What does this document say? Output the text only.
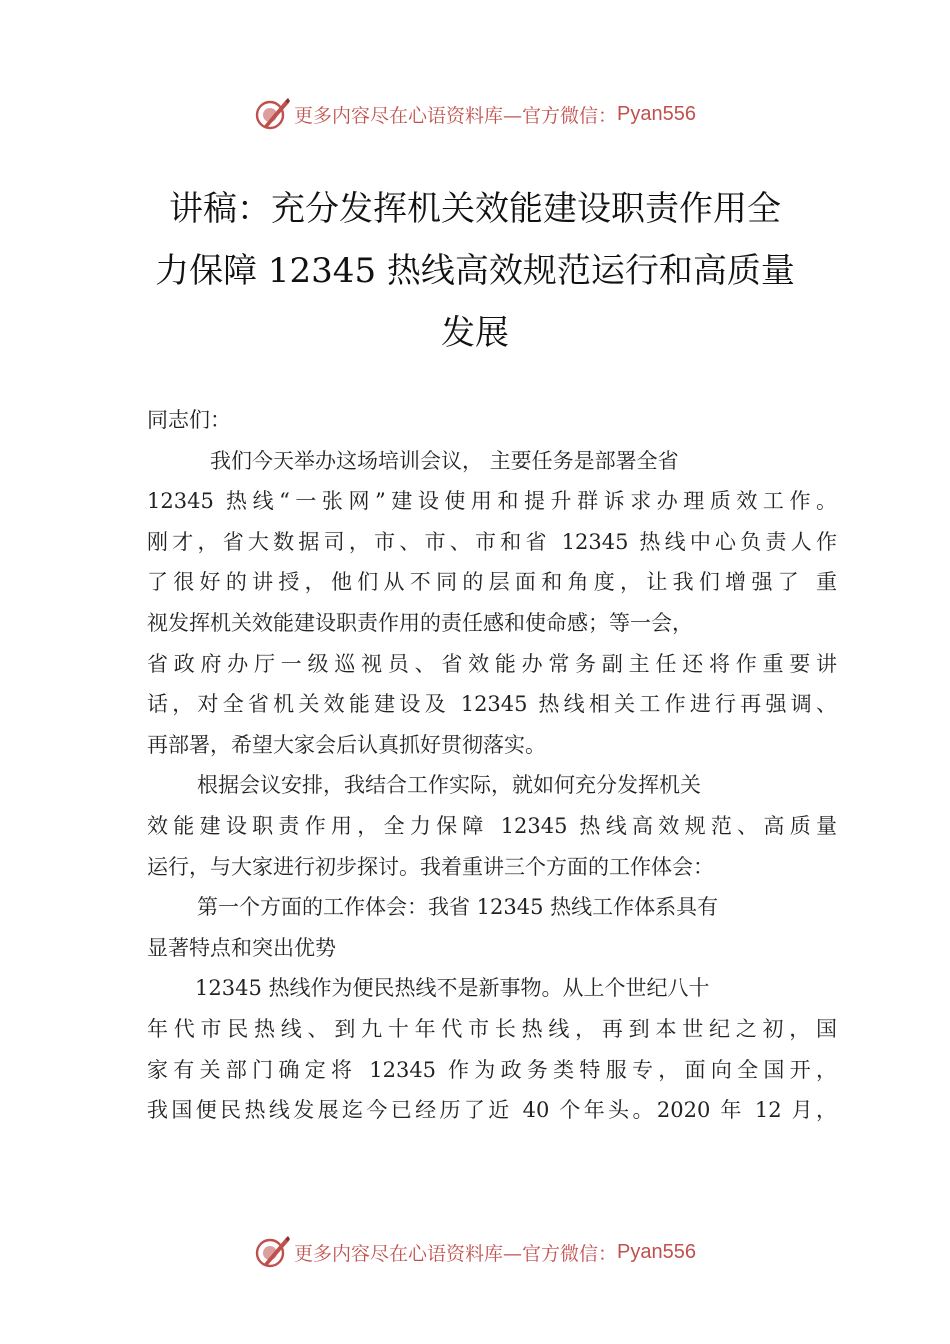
更多内容尽在心语资料库—官方微信： Pyan556
讲稿：充分发挥机关效能建设职责作用全
力保障 12345 热线高效规范运行和高质量
发展
同志们：
我们今天举办这场培训会议， 主要任务是部署全省
12345 热线“一张网”建设使用和提升群诉求办理质效工作。
刚才，省大数据司，市、市、市和省 12345 热线中心负责人作
了很好的讲授，他们从不同的层面和角度，让我们增强了 重
视发挥机关效能建设职责作用的责任感和使命感；等一会，
省政府办厅一级巡视员、省效能办常务副主任还将作重要讲
话，对全省机关效能建设及 12345 热线相关工作进行再强调、
再部署，希望大家会后认真抓好贯彻落实。
根据会议安排，我结合工作实际，就如何充分发挥机关
效能建设职责作用，全力保障 12345 热线高效规范、高质量
运行，与大家进行初步探讨。我着重讲三个方面的工作体会：
第一个方面的工作体会：我省 12345 热线工作体系具有
显著特点和突出优势
12345 热线作为便民热线不是新事物。从上个世纪八十
年代市民热线、到九十年代市长热线，再到本世纪之初，国
家有关部门确定将 12345 作为政务类特服专，面向全国开，
我国便民热线发展迄今已经历了近 40 个年头。2020 年 12 月，
更多内容尽在心语资料库—官方微信： Pyan556
